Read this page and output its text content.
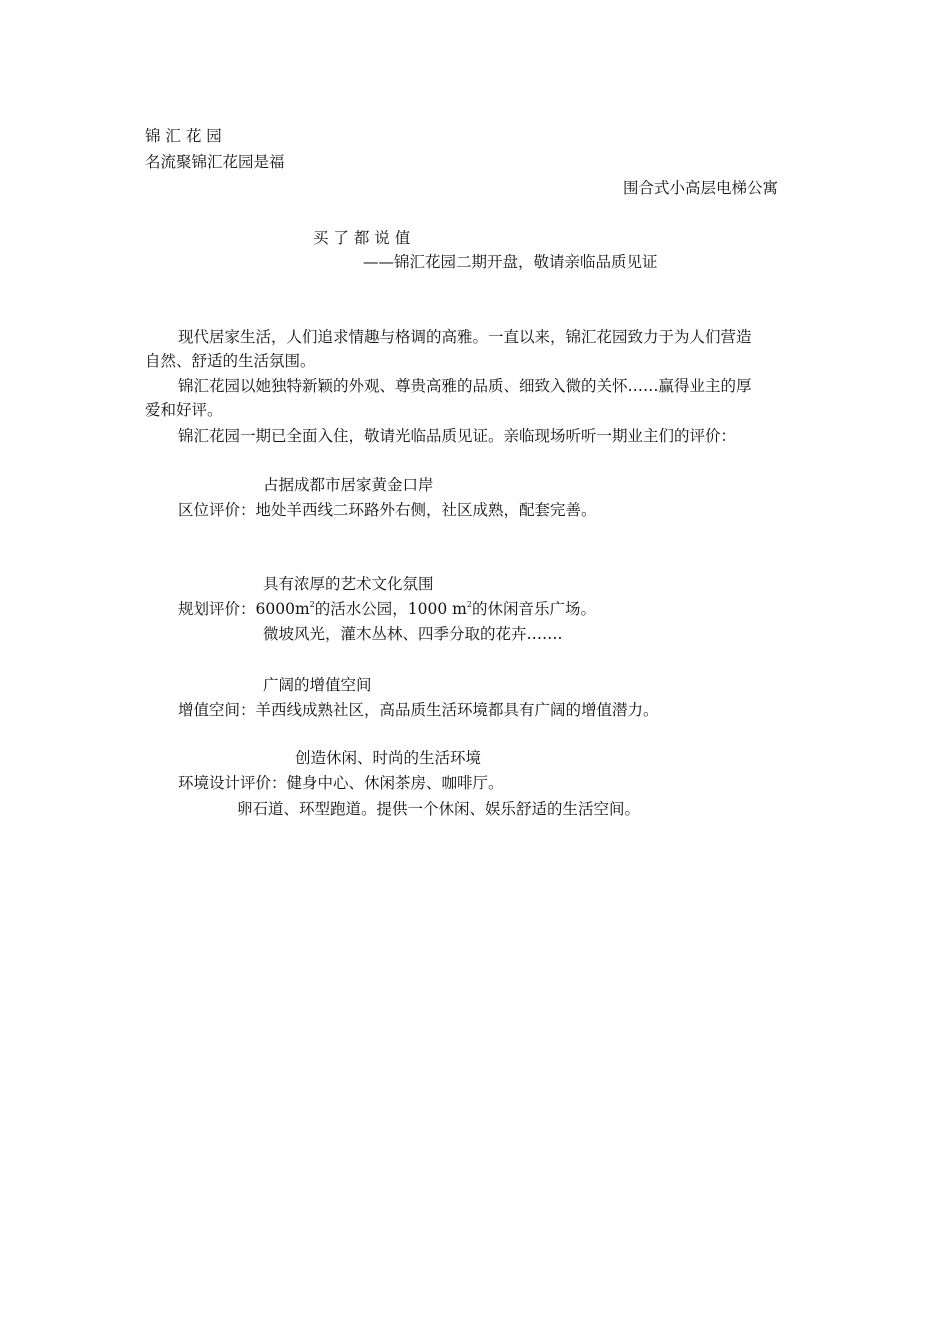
锦 汇 花 园

名流聚锦汇花园是福

围合式小高层电梯公寓

买 了 都 说 值

——锦汇花园二期开盘，敬请亲临品质见证

现代居家生活，人们追求情趣与格调的高雅。一直以来，锦汇花园致力于为人们营造

自然、舒适的生活氛围。

锦汇花园以她独特新颖的外观、尊贵高雅的品质、细致入微的关怀……赢得业主的厚

爱和好评。

锦汇花园一期已全面入住，敬请光临品质见证。亲临现场听听一期业主们的评价：

占据成都市居家黄金口岸

区位评价：地处羊西线二环路外右侧，社区成熟，配套完善。

具有浓厚的艺术文化氛围

规划评价：$6000m^2$的活水公园，1000 $m^2$的休闲音乐广场。

微坡风光，灌木丛林、四季分取的花卉…….

广阔的增值空间

增值空间：羊西线成熟社区，高品质生活环境都具有广阔的增值潜力。

创造休闲、时尚的生活环境

环境设计评价：健身中心、休闲茶房、咖啡厅。

卵石道、环型跑道。提供一个休闲、娱乐舒适的生活空间。
